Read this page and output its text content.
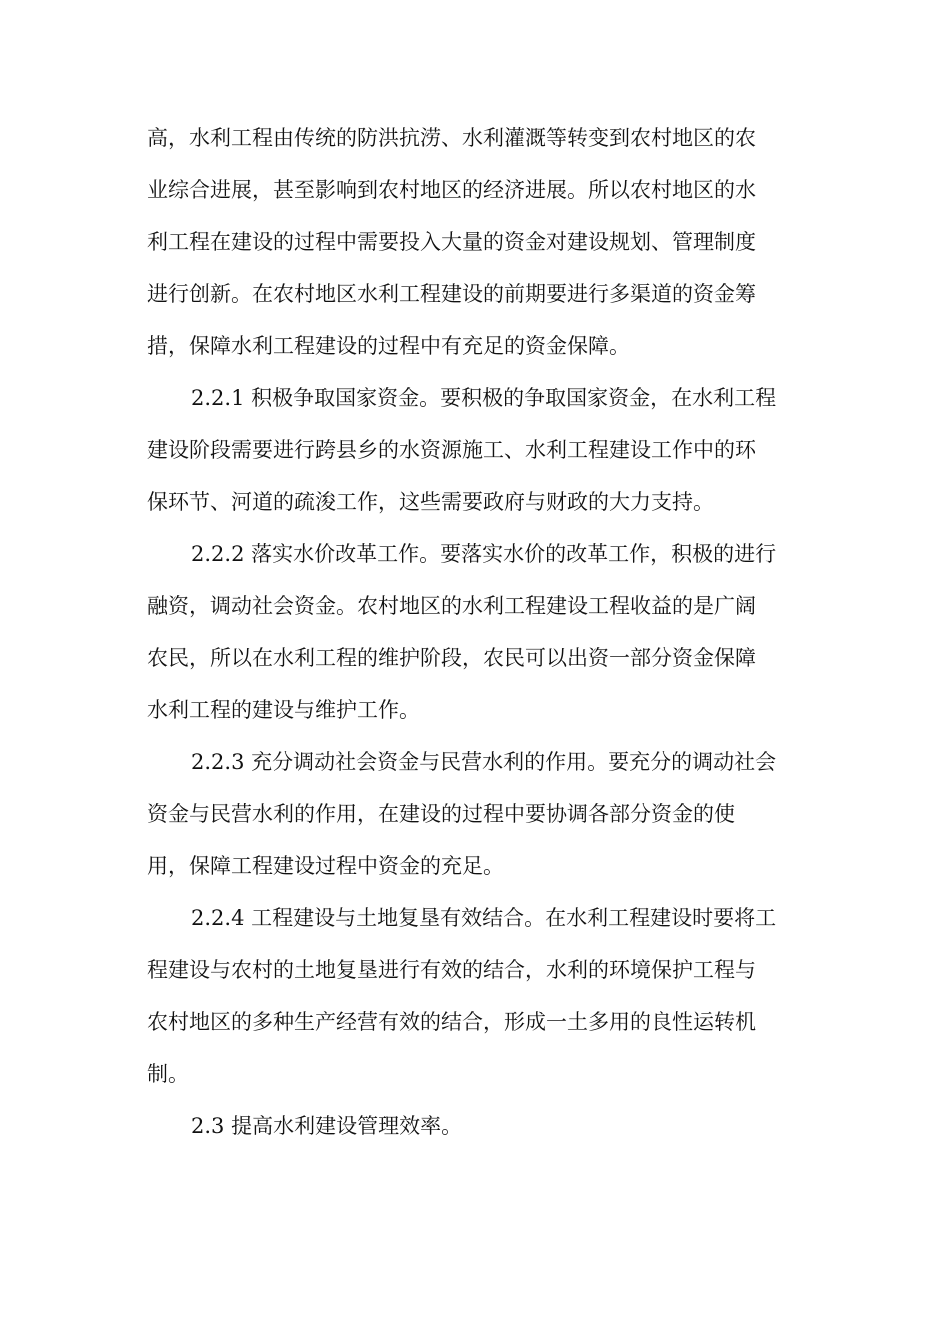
高，水利工程由传统的防洪抗涝、水利灌溉等转变到农村地区的农
业综合进展，甚至影响到农村地区的经济进展。所以农村地区的水
利工程在建设的过程中需要投入大量的资金对建设规划、管理制度
进行创新。在农村地区水利工程建设的前期要进行多渠道的资金筹
措，保障水利工程建设的过程中有充足的资金保障。
2.2.1 积极争取国家资金。要积极的争取国家资金，在水利工程
建设阶段需要进行跨县乡的水资源施工、水利工程建设工作中的环
保环节、河道的疏浚工作，这些需要政府与财政的大力支持。
2.2.2 落实水价改革工作。要落实水价的改革工作，积极的进行
融资，调动社会资金。农村地区的水利工程建设工程收益的是广阔
农民，所以在水利工程的维护阶段，农民可以出资一部分资金保障
水利工程的建设与维护工作。
2.2.3 充分调动社会资金与民营水利的作用。要充分的调动社会
资金与民营水利的作用，在建设的过程中要协调各部分资金的使
用，保障工程建设过程中资金的充足。
2.2.4 工程建设与土地复垦有效结合。在水利工程建设时要将工
程建设与农村的土地复垦进行有效的结合，水利的环境保护工程与
农村地区的多种生产经营有效的结合，形成一土多用的良性运转机
制。
2.3 提高水利建设管理效率。
